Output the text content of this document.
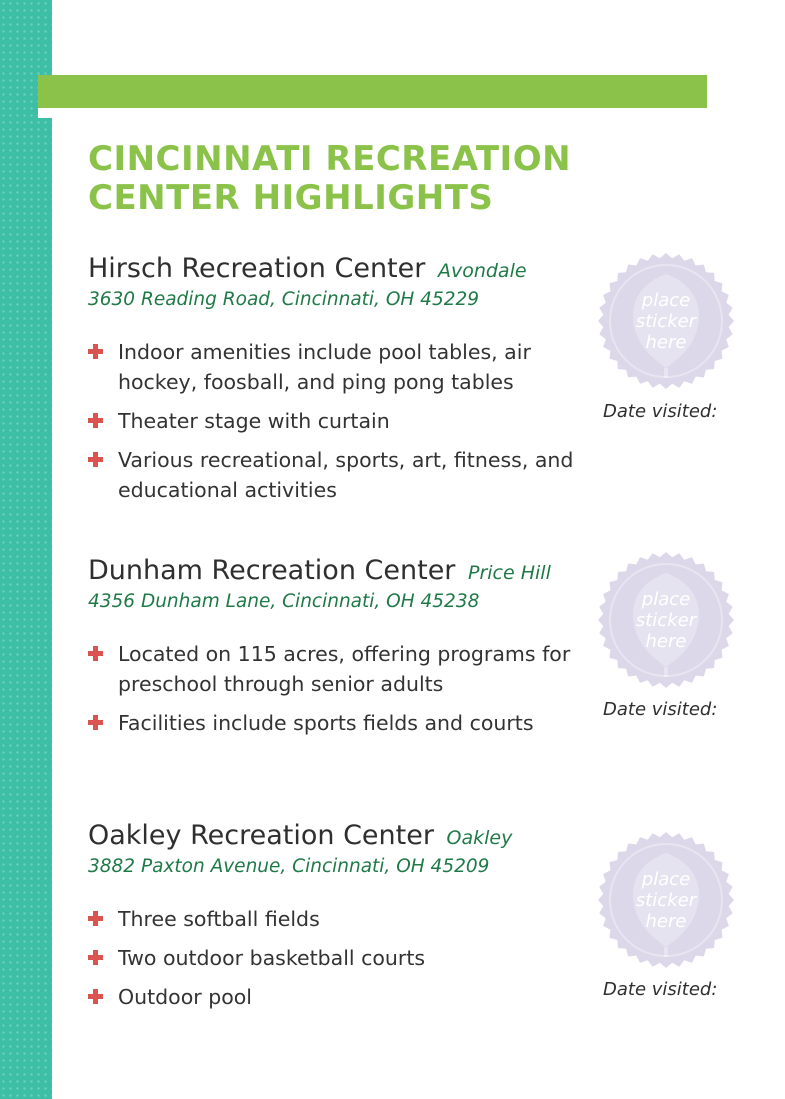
CINCINNATI RECREATION
CENTER HIGHLIGHTS
Hirsch Recreation Center Avondale
3630 Reading Road, Cincinnati, OH 45229
Indoor amenities include pool tables, air hockey, foosball, and ping pong tables
Theater stage with curtain
Various recreational, sports, art, fitness, and educational activities
Dunham Recreation Center Price Hill
4356 Dunham Lane, Cincinnati, OH 45238
Located on 115 acres, offering programs for preschool through senior adults
Facilities include sports fields and courts
Oakley Recreation Center Oakley
3882 Paxton Avenue, Cincinnati, OH 45209
Three softball fields
Two outdoor basketball courts
Outdoor pool
place
sticker
here
Date visited:
place
sticker
here
Date visited:
place
sticker
here
Date visited:
